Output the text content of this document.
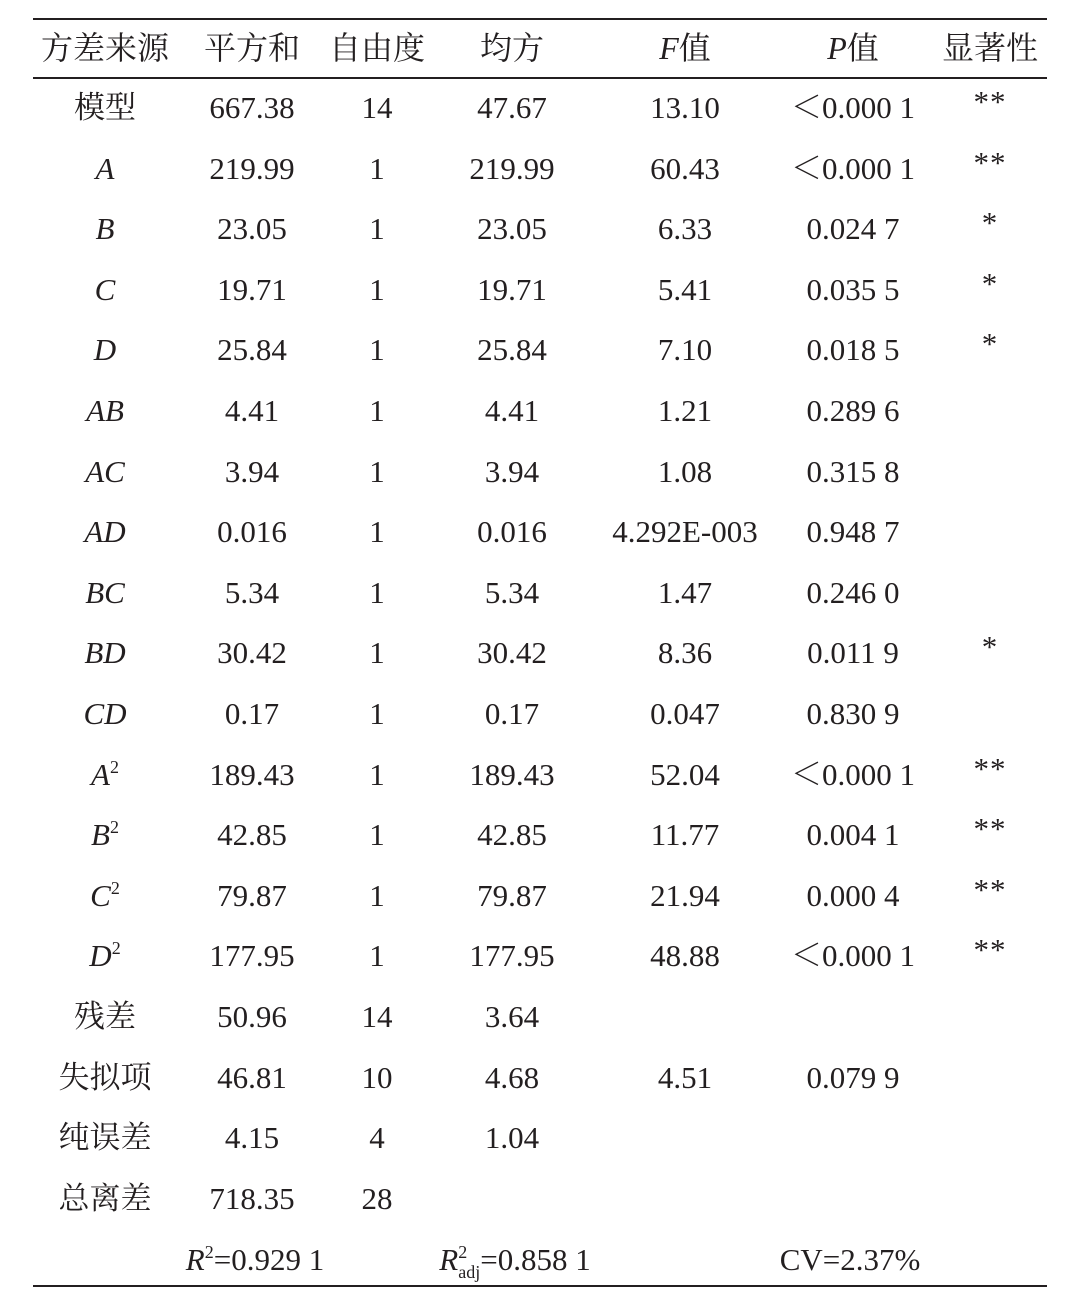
方差来源	平方和 自由度	均方	F值	P值	显著性
模型	667.38	14	47.67	13.10	＜0.000 1	**
A	219.99	1	219.99	60.43	＜0.000 1	**
B	23.05	1	23.05	6.33	0.024 7	*
C	19.71	1	19.71	5.41	0.035 5	*
D	25.84	1	25.84	7.10	0.018 5	*
AB	4.41	1	4.41	1.21	0.289 6
AC	3.94	1	3.94	1.08	0.315 8
AD	0.016	1	0.016	4.292E-003	0.948 7
BC	5.34	1	5.34	1.47	0.246 0
BD	30.42	1	30.42	8.36	0.011 9	*
CD	0.17	1	0.17	0.047	0.830 9
$A^2$	189.43	1	189.43	52.04	＜0.000 1	**
$B^2$	42.85	1	42.85	11.77	0.004 1	**
$C^2$	79.87	1	79.87	21.94	0.000 4	**
$D^2$	177.95	1	177.95	48.88	＜0.000 1	**
残差	50.96	14	3.64
失拟项	46.81	10	4.68	4.51	0.079 9
纯误差	4.15	4	1.04
总离差	718.35	28
$R^2=0.929$ 1	$R^2_{adj}=0.858$ 1	CV=2.37%
